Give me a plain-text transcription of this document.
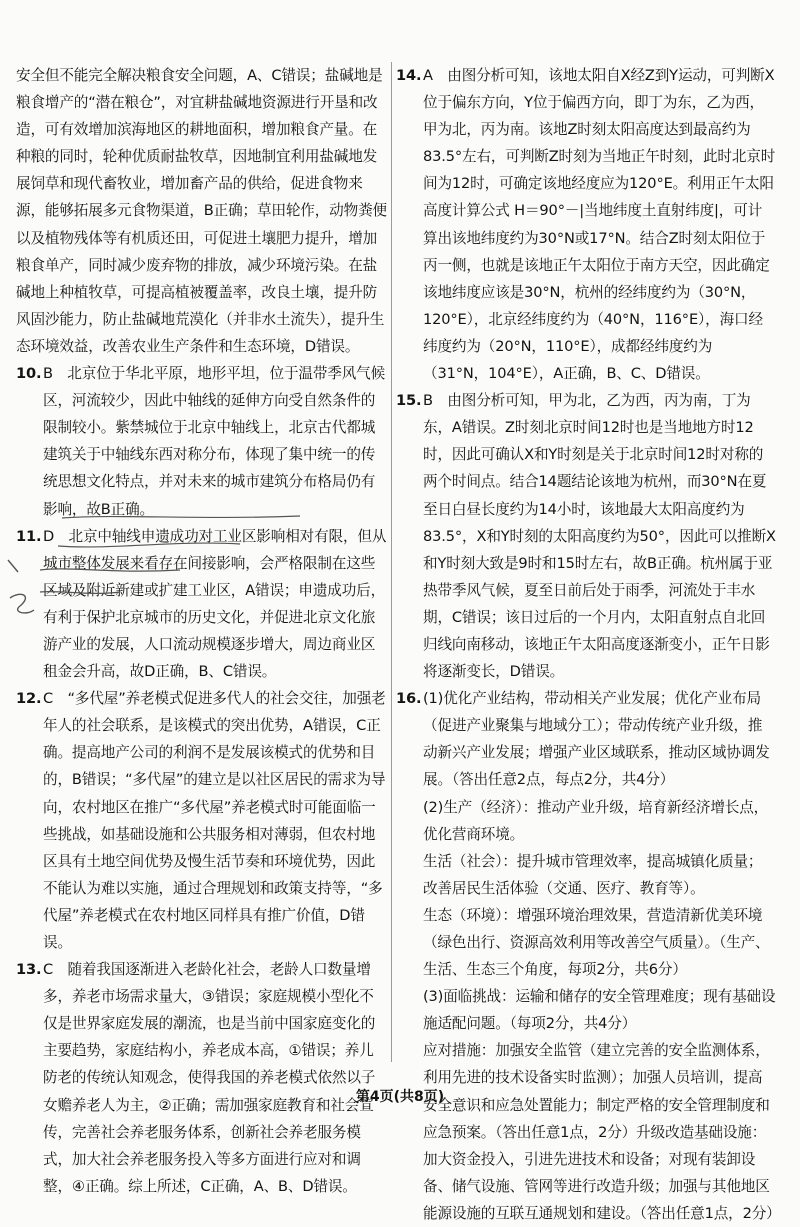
安全但不能完全解决粮食安全问题，A、C错误；盐碱地是粮食增产的“潜在粮仓”，对宜耕盐碱地资源进行开垦和改造，可有效增加滨海地区的耕地面积，增加粮食产量。在种粮的同时，轮种优质耐盐牧草，因地制宜利用盐碱地发展饲草和现代畜牧业，增加畜产品的供给，促进食物来源，能够拓展多元食物渠道，B正确；草田轮作，动物粪便以及植物残体等有机质还田，可促进土壤肥力提升，增加粮食单产，同时减少废弃物的排放，减少环境污染。在盐碱地上种植牧草，可提高植被覆盖率，改良土壤，提升防风固沙能力，防止盐碱地荒漠化（并非水土流失），提升生态环境效益，改善农业生产条件和生态环境，D错误。

10. B　北京位于华北平原，地形平坦，位于温带季风气候区，河流较少，因此中轴线的延伸方向受自然条件的限制较小。紫禁城位于北京中轴线上，北京古代都城建筑关于中轴线东西对称分布，体现了集中统一的传统思想文化特点，并对未来的城市建筑分布格局仍有影响，故B正确。
11. D　北京中轴线申遗成功对工业区影响相对有限，但从城市整体发展来看存在间接影响，会严格限制在这些区域及附近新建或扩建工业区，A错误；申遗成功后，有利于保护北京城市的历史文化，并促进北京文化旅游产业的发展，人口流动规模逐步增大，周边商业区租金会升高，故D正确，B、C错误。
12. C　“多代屋”养老模式促进多代人的社会交往，加强老年人的社会联系，是该模式的突出优势，A错误，C正确。提高地产公司的利润不是发展该模式的优势和目的，B错误；“多代屋”的建立是以社区居民的需求为导向，农村地区在推广“多代屋”养老模式时可能面临一些挑战，如基础设施和公共服务相对薄弱，但农村地区具有土地空间优势及慢生活节奏和环境优势，因此不能认为难以实施，通过合理规划和政策支持等，“多代屋”养老模式在农村地区同样具有推广价值，D错误。
13. C　随着我国逐渐进入老龄化社会，老龄人口数量增多，养老市场需求量大，③错误；家庭规模小型化不仅是世界家庭发展的潮流，也是当前中国家庭变化的主要趋势，家庭结构小，养老成本高，①错误；养儿防老的传统认知观念，使得我国的养老模式依然以子女赡养老人为主，②正确；需加强家庭教育和社会宣传，完善社会养老服务体系，创新社会养老服务模式，加大社会养老服务投入等多方面进行应对和调整，④正确。综上所述，C正确，A、B、D错误。
14. A　由图分析可知，该地太阳自X经Z到Y运动，可判断X位于偏东方向，Y位于偏西方向，即丁为东，乙为西，甲为北，丙为南。该地Z时刻太阳高度达到最高约为83.5°左右，可判断Z时刻为当地正午时刻，此时北京时间为12时，可确定该地经度应为120°E。利用正午太阳高度计算公式 H＝90°－|当地纬度土直射纬度|，可计算出该地纬度约为30°N或17°N。结合Z时刻太阳位于丙一侧，也就是该地正午太阳位于南方天空，因此确定该地纬度应该是30°N，杭州的经纬度约为（30°N，120°E），北京经纬度约为（40°N，116°E），海口经纬度约为（20°N，110°E），成都经纬度约为（31°N，104°E），A正确，B、C、D错误。
15. B　由图分析可知，甲为北，乙为西，丙为南，丁为东，A错误。Z时刻北京时间12时也是当地地方时12时，因此可确认X和Y时刻是关于北京时间12时对称的两个时间点。结合14题结论该地为杭州，而30°N在夏至日白昼长度约为14小时，该地最大太阳高度约为83.5°，X和Y时刻的太阳高度约为50°，因此可以推断X和Y时刻大致是9时和15时左右，故B正确。杭州属于亚热带季风气候，夏至日前后处于雨季，河流处于丰水期，C错误；该日过后的一个月内，太阳直射点自北回归线向南移动，该地正午太阳高度逐渐变小，正午日影将逐渐变长，D错误。
16. (1)优化产业结构，带动相关产业发展；优化产业布局（促进产业聚集与地域分工）；带动传统产业升级，推动新兴产业发展；增强产业区域联系，推动区域协调发展。（答出任意2点，每点2分，共4分）

(2)生产（经济）：推动产业升级，培育新经济增长点，优化营商环境。

生活（社会）：提升城市管理效率，提高城镇化质量；改善居民生活体验（交通、医疗、教育等）。

生态（环境）：增强环境治理效果，营造清新优美环境（绿色出行、资源高效利用等改善空气质量）。（生产、生活、生态三个角度，每项2分，共6分）

(3)面临挑战：运输和储存的安全管理难度；现有基础设施适配问题。（每项2分，共4分）

应对措施：加强安全监管（建立完善的安全监测体系，利用先进的技术设备实时监测）；加强人员培训，提高安全意识和应急处置能力；制定严格的安全管理制度和应急预案。（答出任意1点，2分）升级改造基础设施：加大资金投入，引进先进技术和设备；对现有装卸设备、储气设施、管网等进行改造升级；加强与其他地区能源设施的互联互通规划和建设。（答出任意1点，2分）

第4页(共8页)
